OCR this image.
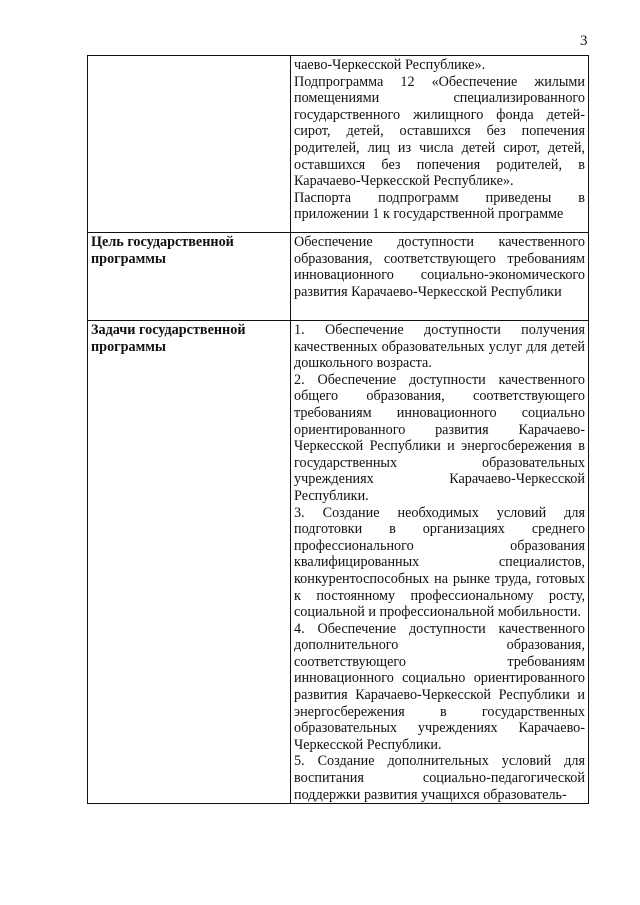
3

	чаево-Черкесской Республике».
Подпрограмма 12 «Обеспечение жилыми помещениями специализированного государственного жилищного фонда детей-сирот, детей, оставшихся без попечения родителей, лиц из числа детей сирот, детей, оставшихся без попечения родителей, в Карачаево-Черкесской Республике».
Паспорта подпрограмм приведены в приложении 1 к государственной программе

Цель государственной программы	Обеспечение доступности качественного образования, соответствующего требованиям инновационного социально-экономического развития Карачаево-Черкесской Республики

Задачи государственной программы	1. Обеспечение доступности получения качественных образовательных услуг для детей дошкольного возраста.
2. Обеспечение доступности качественного общего образования, соответствующего требованиям инновационного социально ориентированного развития Карачаево-Черкесской Республики и энергосбережения в государственных образовательных учреждениях Карачаево-Черкесской Республики.
3. Создание необходимых условий для подготовки в организациях среднего профессионального образования квалифицированных специалистов, конкурентоспособных на рынке труда, готовых к постоянному профессиональному росту, социальной и профессиональной мобильности.
4. Обеспечение доступности качественного дополнительного образования, соответствующего требованиям инновационного социально ориентированного развития Карачаево-Черкесской Республики и энергосбережения в государственных образовательных учреждениях Карачаево-Черкесской Республики.
5. Создание дополнительных условий для воспитания социально-педагогической поддержки развития учащихся образователь-
